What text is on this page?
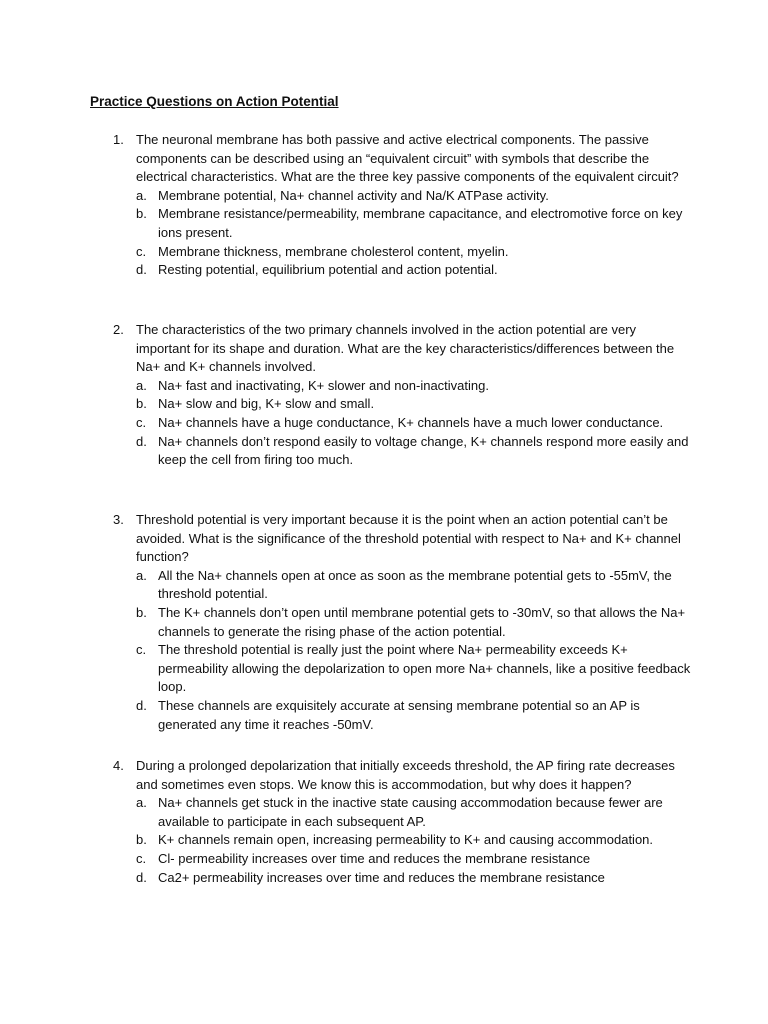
Practice Questions on Action Potential
1. The neuronal membrane has both passive and active electrical components. The passive components can be described using an “equivalent circuit” with symbols that describe the electrical characteristics. What are the three key passive components of the equivalent circuit?
a. Membrane potential, Na+ channel activity and Na/K ATPase activity.
b. Membrane resistance/permeability, membrane capacitance, and electromotive force on key ions present.
c. Membrane thickness, membrane cholesterol content, myelin.
d. Resting potential, equilibrium potential and action potential.
2. The characteristics of the two primary channels involved in the action potential are very important for its shape and duration. What are the key characteristics/differences between the Na+ and K+ channels involved.
a. Na+ fast and inactivating, K+ slower and non-inactivating.
b. Na+ slow and big, K+ slow and small.
c. Na+ channels have a huge conductance, K+ channels have a much lower conductance.
d. Na+ channels don’t respond easily to voltage change, K+ channels respond more easily and keep the cell from firing too much.
3. Threshold potential is very important because it is the point when an action potential can’t be avoided. What is the significance of the threshold potential with respect to Na+ and K+ channel function?
a. All the Na+ channels open at once as soon as the membrane potential gets to -55mV, the threshold potential.
b. The K+ channels don’t open until membrane potential gets to -30mV, so that allows the Na+ channels to generate the rising phase of the action potential.
c. The threshold potential is really just the point where Na+ permeability exceeds K+ permeability allowing the depolarization to open more Na+ channels, like a positive feedback loop.
d. These channels are exquisitely accurate at sensing membrane potential so an AP is generated any time it reaches -50mV.
4. During a prolonged depolarization that initially exceeds threshold, the AP firing rate decreases and sometimes even stops. We know this is accommodation, but why does it happen?
a. Na+ channels get stuck in the inactive state causing accommodation because fewer are available to participate in each subsequent AP.
b. K+ channels remain open, increasing permeability to K+ and causing accommodation.
c. Cl- permeability increases over time and reduces the membrane resistance
d. Ca2+ permeability increases over time and reduces the membrane resistance
